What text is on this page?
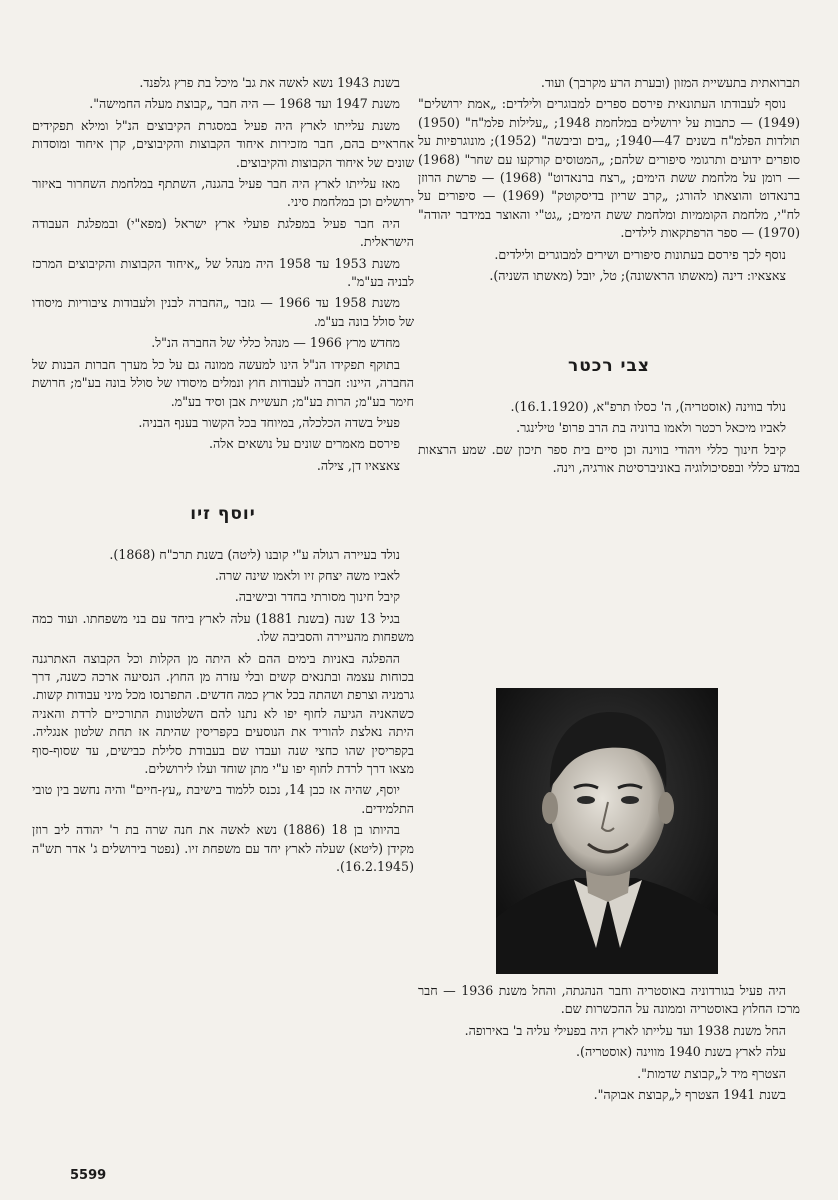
תברואתית בתעשיית המזון (ובערת הרע מקרבך) ועוד.

נוסף לעבודתו העתונאית פירסם ספרים למבוגרים ולילדים: „אמת ירושלים" (1949) — כתבות על ירושלים במלחמת 1948; „עלילות פלמ"ח" (1950) תולדות הפלמ"ח בשנים 47—1940; „בים וביבשה" (1952); מונוגרפיות על סופרים ידועים ותרגומי סיפורים שלהם; „המטוסים קורקעו עם שחר" (1968) — רומן על מלחמת ששת הימים; „רצח ברנאדוט" (1968) — פרשת הרוזן ברנאדוט והוצאתו להורג; „קרב שריון בדיסקוטק" (1969) — סיפורים על לח"י, מלחמת הקוממיות ומלחמת ששת הימים; „גט"י והאוצר במידבר יהודה" (1970) — ספר הרפתקאות לילדים.

נוסף לכך פירסם בעתונות סיפורים ושירים למבוגרים ולילדים.

צאצאיו: דינה (מאשתו הראשונה); טל, יובל (מאשתו השניה).

צבי רכטר

נולד בווינה (אוסטריה), ה' כסלו תרפ"א, (16.1.1920).

לאביו מיכאל רכטר ולאמו ברוניה בת הרב פרופ' טילינגר.

קיבל חינוך כללי ויהודי בווינה וכן סיים בית ספר תיכון שם. שמע הרצאות במדע כללי ובפסיכולוגיה באוניברסיטת אורגיה, וינה.

היה פעיל בגורדוניה באוסטריה וחבר הנהגתה, והחל משנת 1936 — חבר מרכז החלוץ באוסטריה וממונה על ההכשרות שם.

החל משנת 1938 ועד עלייתו לארץ היה בפעילי עליה ב' באירופה.

עלה לארץ בשנת 1940 מווינה (אוסטריה).

הצטרף מיד ל„קבוצת שדמות".

בשנת 1941 הצטרף ל„קבוצת אבוקה".

בשנת 1943 נשא לאשה את גב' מיכל בת פרץ גלפנד.

משנת 1947 ועד 1968 — היה חבר „קבוצת מעלה החמישה".

משנת עלייתו לארץ היה פעיל במסגרת הקיבוצים הנ"ל ומילא תפקידים אחראיים בהם, חבר מזכירות איחוד הקבוצות והקיבוצים, קרן איחוד ומוסדות שונים של איחוד הקבוצות והקיבוצים.

מאז עלייתו לארץ היה חבר פעיל בהגנה, השתתף במלחמת השחרור באיזור ירושלים וכן במלחמת סיני.

היה חבר פעיל במפלגת פועלי ארץ ישראל (מפא"י) ובמפלגת העבודה הישראלית.

משנת 1953 עד 1958 היה מנהל של „איחוד הקבוצות והקיבוצים המרכז לבניה בע"מ".

משנת 1958 עד 1966 — גזבר „החברה לבנין ולעבודות ציבוריות מיסודו של סולל בונה בע"מ.

מחדש מרץ 1966 — מנהל כללי של החברה הנ"ל.

בתוקף תפקידו הנ"ל הינו למעשה ממונה גם על כל מערך חברות הבנות של החברה, היינו: חברה לעבודות חוץ ונמלים מיסודו של סולל בונה בע"מ; חרושת חימר בע"מ; הרות בע"מ; תעשיית אבן וסיד בע"מ.

פעיל בשדה הכלכלה, במיוחד בכל הקשור בענף הבניה.

פירסם מאמרים שונים על נושאים אלה.

צאצאיו דן, צילה.

יוסף זיו

נולד בעיירה רגולה ע"י קובנו (ליטה) בשנת תרכ"ח (1868).

לאביו משה יצחק זיו ולאמו שינה שרה.

קיבל חינוך מסורתי בחדר ובישיבה.

בגיל 13 שנה (בשנת 1881) עלה לארץ ביחד עם בני משפחתו. ועוד כמה משפחות מהעיירה והסביבה שלו.

ההפלגה באניות בימים ההם לא היתה מן הקלות וכל הקבוצה האתרגנה בכוחות עצמה ובתנאים קשים ובלי עזרה מן החוץ. הנסיעה ארכה כשנה, דרך גרמניה וצרפת ושהתה בכל ארץ כמה חדשים. התפרנסו מכל מיני עבודות קשות. כשהאניה הגיעה לחוף יפו לא נתנו להם השלטונות התורכיים לרדת והאניה היתה נאלצת להוריד את הנוסעים בקפריסין שהיתה אז תחת שלטון אנגליה. בקפריסין שהו כחצי שנה ועבדו שם בעבודת סלילת כבישים, עד שסוף-סוף מצאו דרך לרדת לחוף יפו ע"י מתן שוחד ועלו לירושלים.

יוסף, שהיה אז כבן 14, נכנס ללמוד בישיבת „עץ-חיים" והיה נחשב בין טובי התלמידים.

בהיותו בן 18 (1886) נשא לאשה את חנה שרה בת ר' יהודה ליב רוזן מקידן (ליטא) שעלה לארץ יחד עם משפחת זיו. (נפטר בירושלים ג' אדר תש"ה (16.2.1945).

5599
